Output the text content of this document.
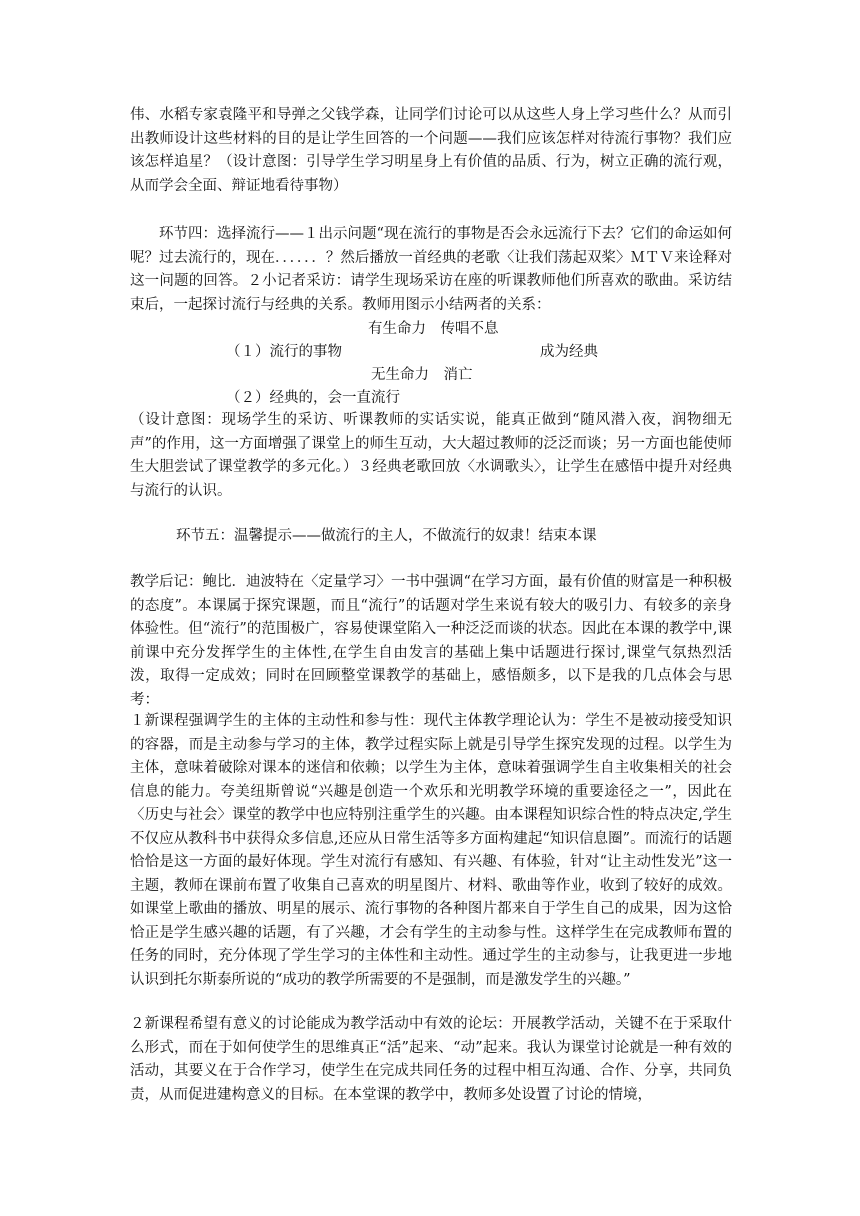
伟、水稻专家袁隆平和导弹之父钱学森，让同学们讨论可以从这些人身上学习些什么？从而引出教师设计这些材料的目的是让学生回答的一个问题——我们应该怎样对待流行事物？我们应该怎样追星？（设计意图：引导学生学习明星身上有价值的品质、行为，树立正确的流行观，从而学会全面、辩证地看待事物）

环节四：选择流行——１出示问题“现在流行的事物是否会永远流行下去？它们的命运如何呢？过去流行的，现在．．．．．．？然后播放一首经典的老歌〈让我们荡起双桨〉ＭＴＶ来诠释对这一问题的回答。２小记者采访：请学生现场采访在座的听课教师他们所喜欢的歌曲。采访结束后，一起探讨流行与经典的关系。教师用图示小结两者的关系：

有生命力　传唱不息
（１）流行的事物	成为经典
无生命力　消亡
（２）经典的，会一直流行

（设计意图：现场学生的采访、听课教师的实话实说，能真正做到“随风潜入夜，润物细无声”的作用，这一方面增强了课堂上的师生互动，大大超过教师的泛泛而谈；另一方面也能使师生大胆尝试了课堂教学的多元化。）３经典老歌回放〈水调歌头〉，让学生在感悟中提升对经典与流行的认识。

环节五：温馨提示——做流行的主人，不做流行的奴隶！结束本课

教学后记：鲍比．迪波特在〈定量学习〉一书中强调“在学习方面，最有价值的财富是一种积极的态度”。本课属于探究课题，而且“流行”的话题对学生来说有较大的吸引力、有较多的亲身体验性。但“流行”的范围极广，容易使课堂陷入一种泛泛而谈的状态。因此在本课的教学中,课前课中充分发挥学生的主体性,在学生自由发言的基础上集中话题进行探讨,课堂气氛热烈活泼，取得一定成效；同时在回顾整堂课教学的基础上，感悟颇多，以下是我的几点体会与思考：

１新课程强调学生的主体的主动性和参与性：现代主体教学理论认为：学生不是被动接受知识的容器，而是主动参与学习的主体，教学过程实际上就是引导学生探究发现的过程。以学生为主体，意味着破除对课本的迷信和依赖；以学生为主体，意味着强调学生自主收集相关的社会信息的能力。夸美纽斯曾说“兴趣是创造一个欢乐和光明教学环境的重要途径之一”，因此在〈历史与社会〉课堂的教学中也应特别注重学生的兴趣。由本课程知识综合性的特点决定,学生不仅应从教科书中获得众多信息,还应从日常生活等多方面构建起“知识信息圈”。而流行的话题恰恰是这一方面的最好体现。学生对流行有感知、有兴趣、有体验，针对“让主动性发光”这一主题，教师在课前布置了收集自己喜欢的明星图片、材料、歌曲等作业，收到了较好的成效。如课堂上歌曲的播放、明星的展示、流行事物的各种图片都来自于学生自己的成果，因为这恰恰正是学生感兴趣的话题，有了兴趣，才会有学生的主动参与性。这样学生在完成教师布置的任务的同时，充分体现了学生学习的主体性和主动性。通过学生的主动参与，让我更进一步地认识到托尔斯泰所说的“成功的教学所需要的不是强制，而是激发学生的兴趣。”

２新课程希望有意义的讨论能成为教学活动中有效的论坛：开展教学活动，关键不在于采取什么形式，而在于如何使学生的思维真正“活”起来、“动”起来。我认为课堂讨论就是一种有效的活动，其要义在于合作学习，使学生在完成共同任务的过程中相互沟通、合作、分享，共同负责，从而促进建构意义的目标。在本堂课的教学中，教师多处设置了讨论的情境，
